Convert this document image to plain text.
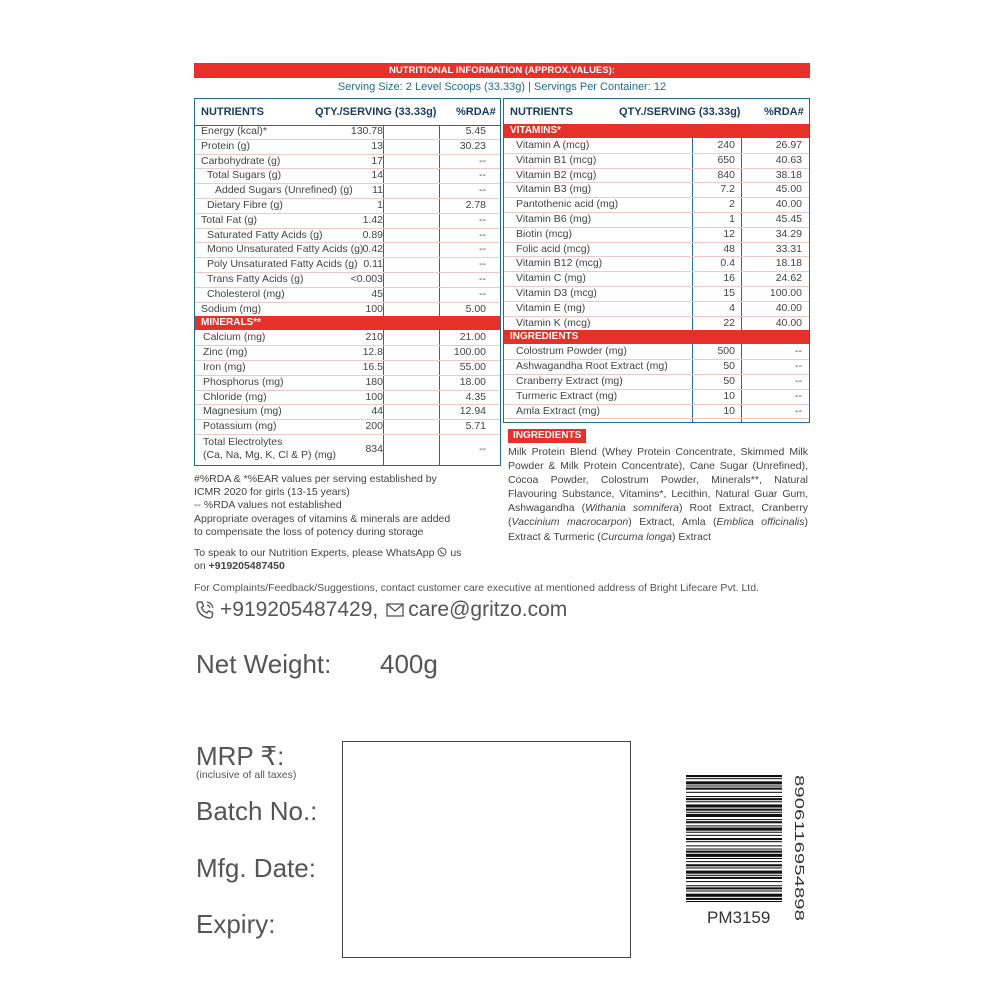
NUTRITIONAL INFORMATION (APPROX.VALUES):
Serving Size: 2 Level Scoops (33.33g) | Servings Per Container: 12
NUTRIENTS	QTY./SERVING (33.33g) %RDA#
Energy (kcal)*	130.78	5.45
Protein (g)	13	30.23
Carbohydrate (g)	17	--
Total Sugars (g)	14	--
Added Sugars (Unrefined) (g) 11	--
Dietary Fibre (g)	1	2.78
Total Fat (g)	1.42	--
Saturated Fatty Acids (g)	0.89	--
Mono Unsaturated Fatty Acids (g) 0.42	--
Poly Unsaturated Fatty Acids (g) 0.11	--
Trans Fatty Acids (g)	<0.003	--
Cholesterol (mg)	45	--
Sodium (mg)	100	5.00
MINERALS**
Calcium (mg)	210	21.00
Zinc (mg)	12.8	100.00
Iron (mg)	16.5	55.00
Phosphorus (mg)	180	18.00
Chloride (mg)	100	4.35
Magnesium (mg)	44	12.94
Potassium (mg)	200	5.71
Total Electrolytes
(Ca, Na, Mg, K, Cl & P) (mg)	834	--
NUTRIENTS	QTY./SERVING (33.33g) %RDA#
VITAMINS*
Vitamin A (mcg)	240	26.97
Vitamin B1 (mcg)	650	40.63
Vitamin B2 (mcg)	840	38.18
Vitamin B3 (mg)	7.2	45.00
Pantothenic acid (mg)	2	40.00
Vitamin B6 (mg)	1	45.45
Biotin (mcg)	12	34.29
Folic acid (mcg)	48	33.31
Vitamin B12 (mcg)	0.4	18.18
Vitamin C (mg)	16	24.62
Vitamin D3 (mcg)	15	100.00
Vitamin E (mg)	4	40.00
Vitamin K (mcg)	22	40.00
INGREDIENTS
Colostrum Powder (mg)	500	--
Ashwagandha Root Extract (mg)	50	--
Cranberry Extract (mg)	50	--
Turmeric Extract (mg)	10	--
Amla Extract (mg)	10	--
#%RDA & *%EAR values per serving established by
ICMR 2020 for girls (13-15 years)
-- %RDA values not established
Appropriate overages of vitamins & minerals are added
to compensate the loss of potency during storage
To speak to our Nutrition Experts, please WhatsApp us
on +919205487450
INGREDIENTS
Milk Protein Blend (Whey Protein Concentrate, Skimmed Milk Powder & Milk Protein Concentrate), Cane Sugar (Unrefined), Cocoa Powder, Colostrum Powder, Minerals**, Natural Flavouring Substance, Vitamins*, Lecithin, Natural Guar Gum, Ashwagandha (Withania somnifera) Root Extract, Cranberry (Vaccinium macrocarpon) Extract, Amla (Emblica officinalis) Extract & Turmeric (Curcuma longa) Extract
For Complaints/Feedback/Suggestions, contact customer care executive at mentioned address of Bright Lifecare Pvt. Ltd.
+919205487429, care@gritzo.com
Net Weight: 400g
MRP ₹:
(inclusive of all taxes)
Batch No.:
Mfg. Date:
Expiry:
8906116954898
PM3159
